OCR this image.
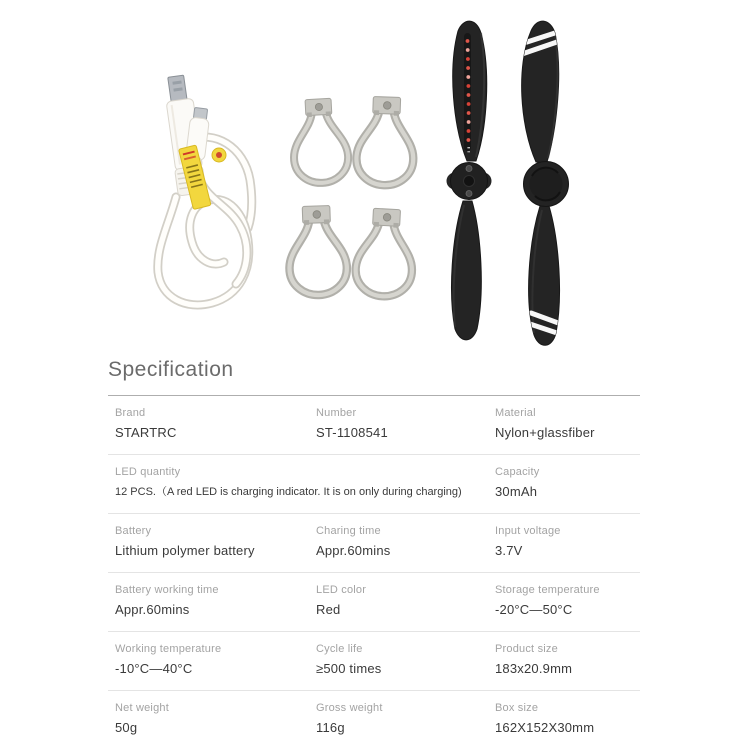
Specification
Brand
STARTRC
Number
ST-1108541
Material
Nylon+glassfiber
LED quantity
12 PCS.（A red LED is charging indicator. It is on only during charging)
Capacity
30mAh
Battery
Lithium polymer battery
Charing time
Appr.60mins
Input voltage
3.7V
Battery working time
Appr.60mins
LED color
Red
Storage temperature
-20°C—50°C
Working temperature
-10°C—40°C
Cycle life
≥500 times
Product size
183x20.9mm
Net weight
50g
Gross weight
116g
Box size
162X152X30mm
